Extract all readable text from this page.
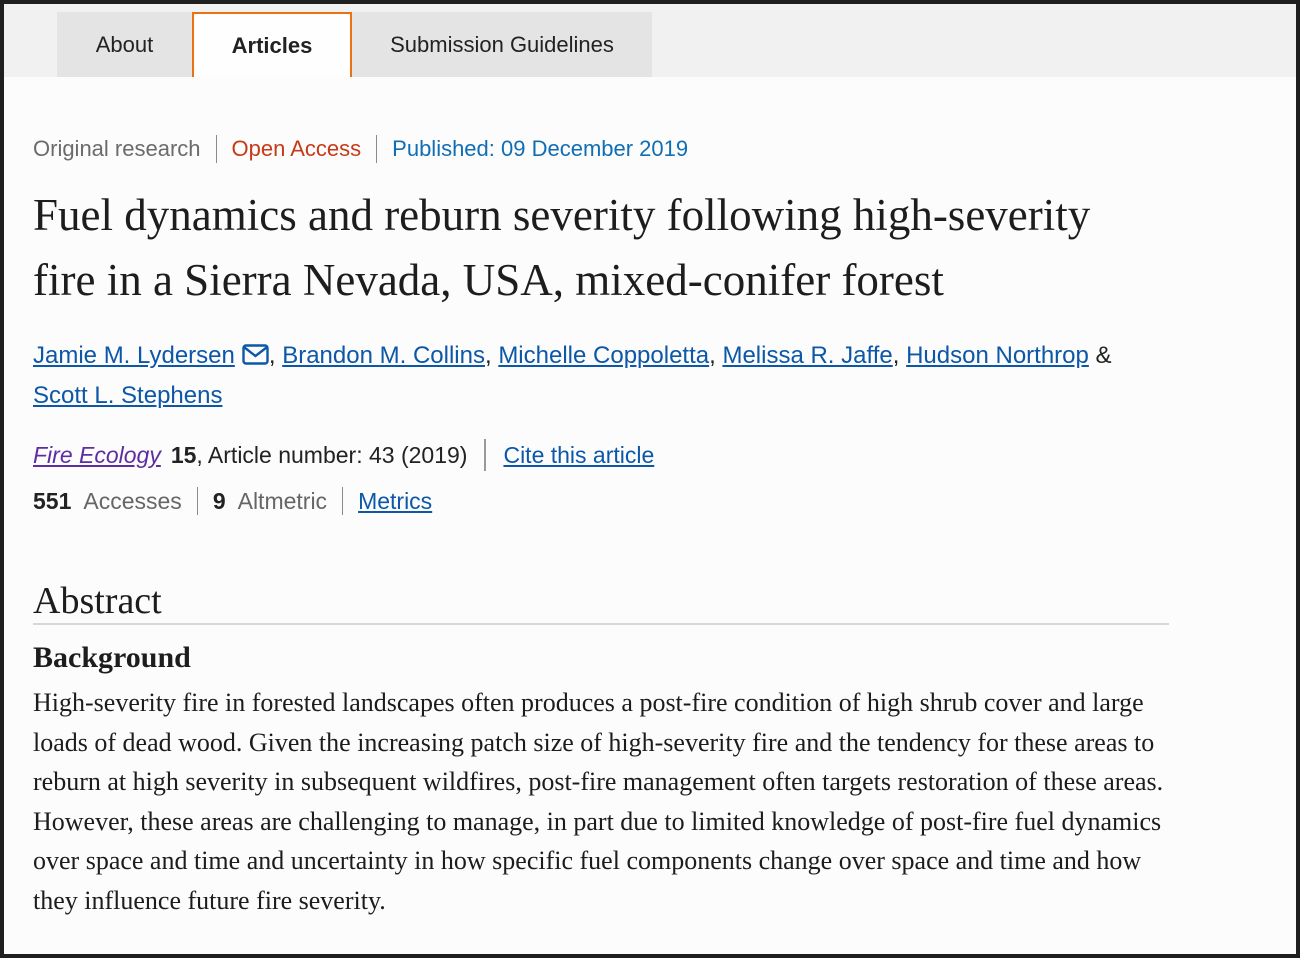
About	Articles	Submission Guidelines
Original research Open Access Published: 09 December 2019
Fuel dynamics and reburn severity following high-severity fire in a Sierra Nevada, USA, mixed-conifer forest
Jamie M. Lydersen , Brandon M. Collins, Michelle Coppoletta, Melissa R. Jaffe, Hudson Northrop & Scott L. Stephens
Fire Ecology 15 , Article number: 43 (2019) Cite this article
551 Accesses 9 Altmetric Metrics
Abstract
Background

High-severity fire in forested landscapes often produces a post-fire condition of high shrub cover and large loads of dead wood. Given the increasing patch size of high-severity fire and the tendency for these areas to reburn at high severity in subsequent wildfires, post-fire management often targets restoration of these areas. However, these areas are challenging to manage, in part due to limited knowledge of post-fire fuel dynamics over space and time and uncertainty in how specific fuel components change over space and time and how they influence future fire severity.
